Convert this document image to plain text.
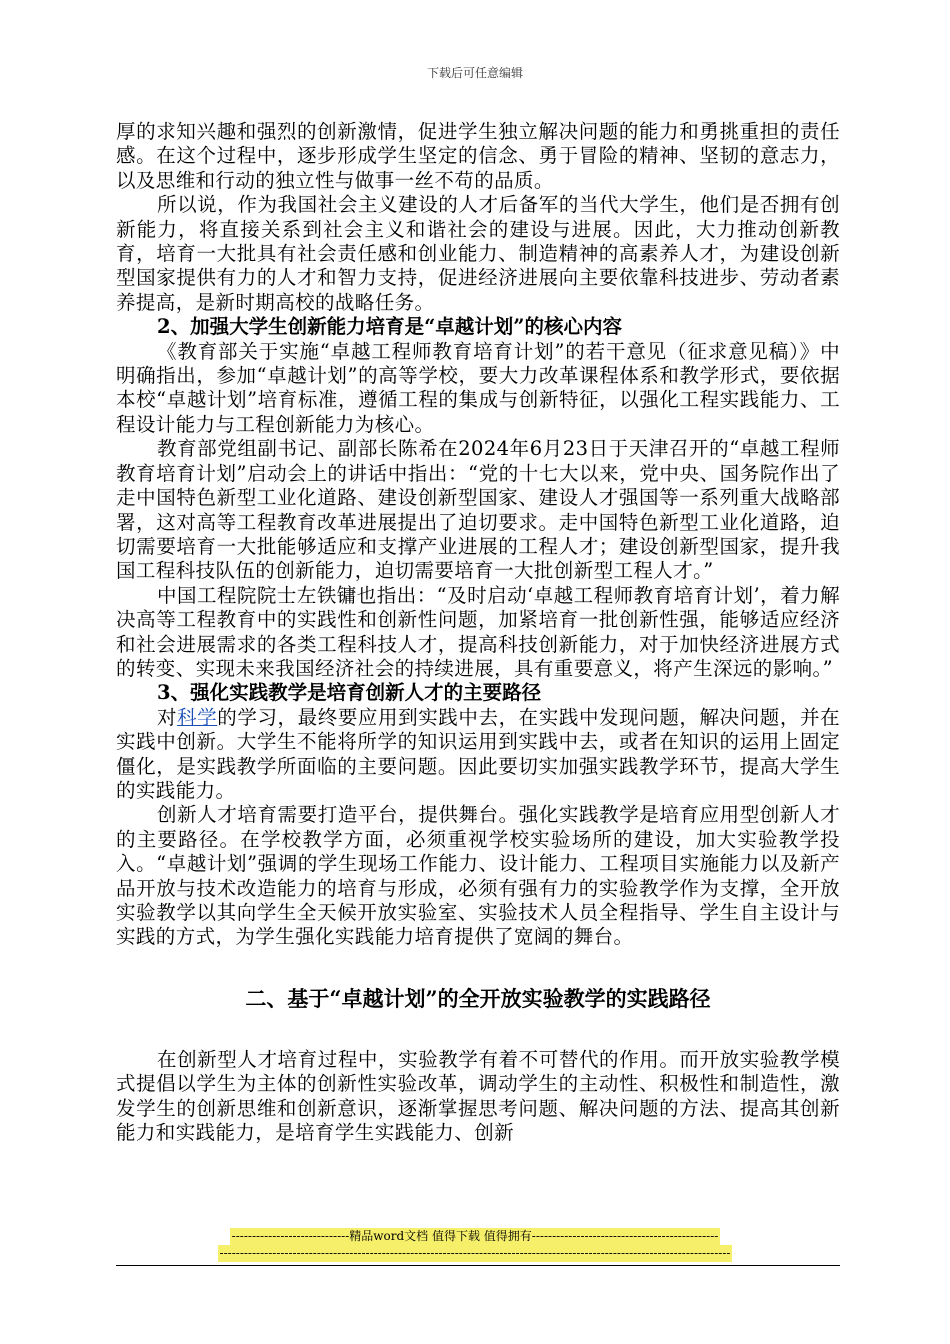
下载后可任意编辑

厚的求知兴趣和强烈的创新激情，促进学生独立解决问题的能力和勇挑重担的责任感。在这个过程中，逐步形成学生坚定的信念、勇于冒险的精神、坚韧的意志力，以及思维和行动的独立性与做事一丝不苟的品质。

所以说，作为我国社会主义建设的人才后备军的当代大学生，他们是否拥有创新能力，将直接关系到社会主义和谐社会的建设与进展。因此，大力推动创新教育，培育一大批具有社会责任感和创业能力、制造精神的高素养人才，为建设创新型国家提供有力的人才和智力支持，促进经济进展向主要依靠科技进步、劳动者素养提高，是新时期高校的战略任务。

2、加强大学生创新能力培育是“卓越计划”的核心内容

《教育部关于实施“卓越工程师教育培育计划”的若干意见（征求意见稿）》中明确指出，参加“卓越计划”的高等学校，要大力改革课程体系和教学形式，要依据本校“卓越计划”培育标准，遵循工程的集成与创新特征，以强化工程实践能力、工程设计能力与工程创新能力为核心。

教育部党组副书记、副部长陈希在2024年6月23日于天津召开的“卓越工程师教育培育计划”启动会上的讲话中指出：“党的十七大以来，党中央、国务院作出了走中国特色新型工业化道路、建设创新型国家、建设人才强国等一系列重大战略部署，这对高等工程教育改革进展提出了迫切要求。走中国特色新型工业化道路，迫切需要培育一大批能够适应和支撑产业进展的工程人才；建设创新型国家，提升我国工程科技队伍的创新能力，迫切需要培育一大批创新型工程人才。”

中国工程院院士左铁镛也指出：“及时启动‘卓越工程师教育培育计划’，着力解决高等工程教育中的实践性和创新性问题，加紧培育一批创新性强，能够适应经济和社会进展需求的各类工程科技人才，提高科技创新能力，对于加快经济进展方式的转变、实现未来我国经济社会的持续进展，具有重要意义，将产生深远的影响。”

3、强化实践教学是培育创新人才的主要路径

对科学的学习，最终要应用到实践中去，在实践中发现问题，解决问题，并在实践中创新。大学生不能将所学的知识运用到实践中去，或者在知识的运用上固定僵化，是实践教学所面临的主要问题。因此要切实加强实践教学环节，提高大学生的实践能力。

创新人才培育需要打造平台，提供舞台。强化实践教学是培育应用型创新人才的主要路径。在学校教学方面，必须重视学校实验场所的建设，加大实验教学投入。“卓越计划”强调的学生现场工作能力、设计能力、工程项目实施能力以及新产品开放与技术改造能力的培育与形成，必须有强有力的实验教学作为支撑，全开放实验教学以其向学生全天候开放实验室、实验技术人员全程指导、学生自主设计与实践的方式，为学生强化实践能力培育提供了宽阔的舞台。

二、基于“卓越计划”的全开放实验教学的实践路径

在创新型人才培育过程中，实验教学有着不可替代的作用。而开放实验教学模式提倡以学生为主体的创新性实验改革，调动学生的主动性、积极性和制造性，激发学生的创新思维和创新意识，逐渐掌握思考问题、解决问题的方法、提高其创新能力和实践能力，是培育学生实践能力、创新

-----------------------------精品word文档 值得下载 值得拥有----------------------------------------------
------------------------------------------------------------------------------------------------------------------------------
